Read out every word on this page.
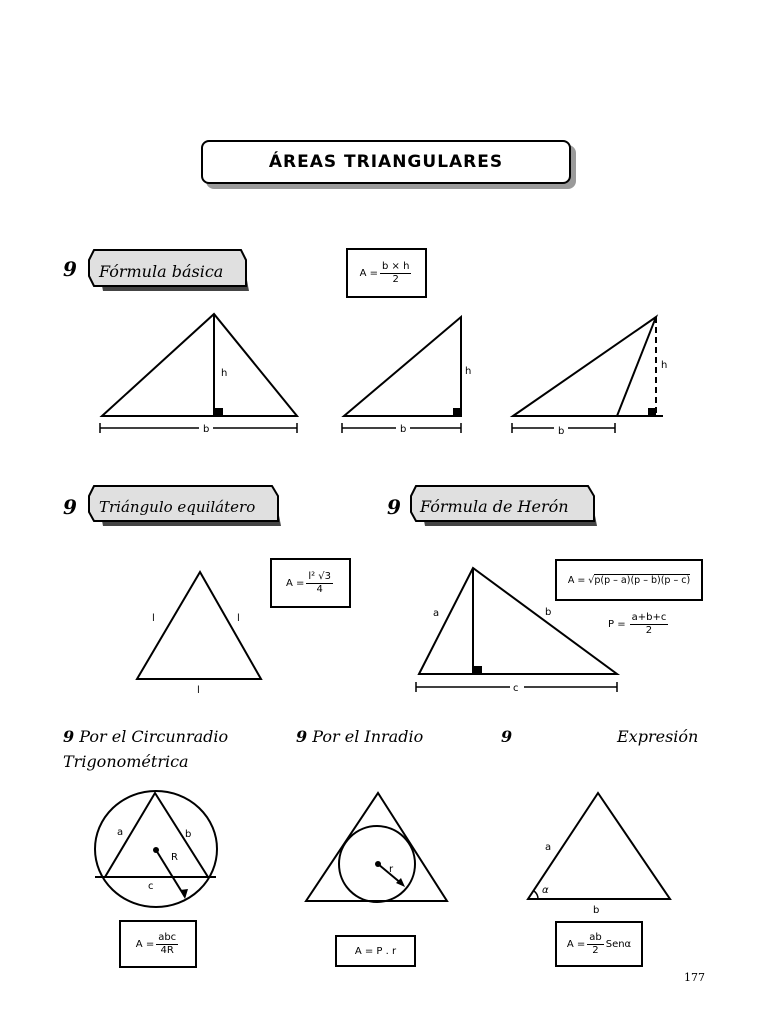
ÁREAS TRIANGULARES
9 Fórmula básica	$A = \frac{b \times h}{2}$
h
b
h
b
h
b
9 Triángulo equilátero
$A = \frac{\text{l² √3}}{4}$
l	l
l
9 Fórmula de Herón
A = √ p(p – a)(p – b)(p – c)
$P = \frac{a+b+c}{2}$
a	b
c
9 Por el Circunradio	9 Por el Inradio	9	Expresión
Trigonométrica
a	b
c
R
$A = \frac{\text{abc}}{4R}$
r
A = P . r
a
α
b
$A = \frac{ab}{2}$ Senα
177
